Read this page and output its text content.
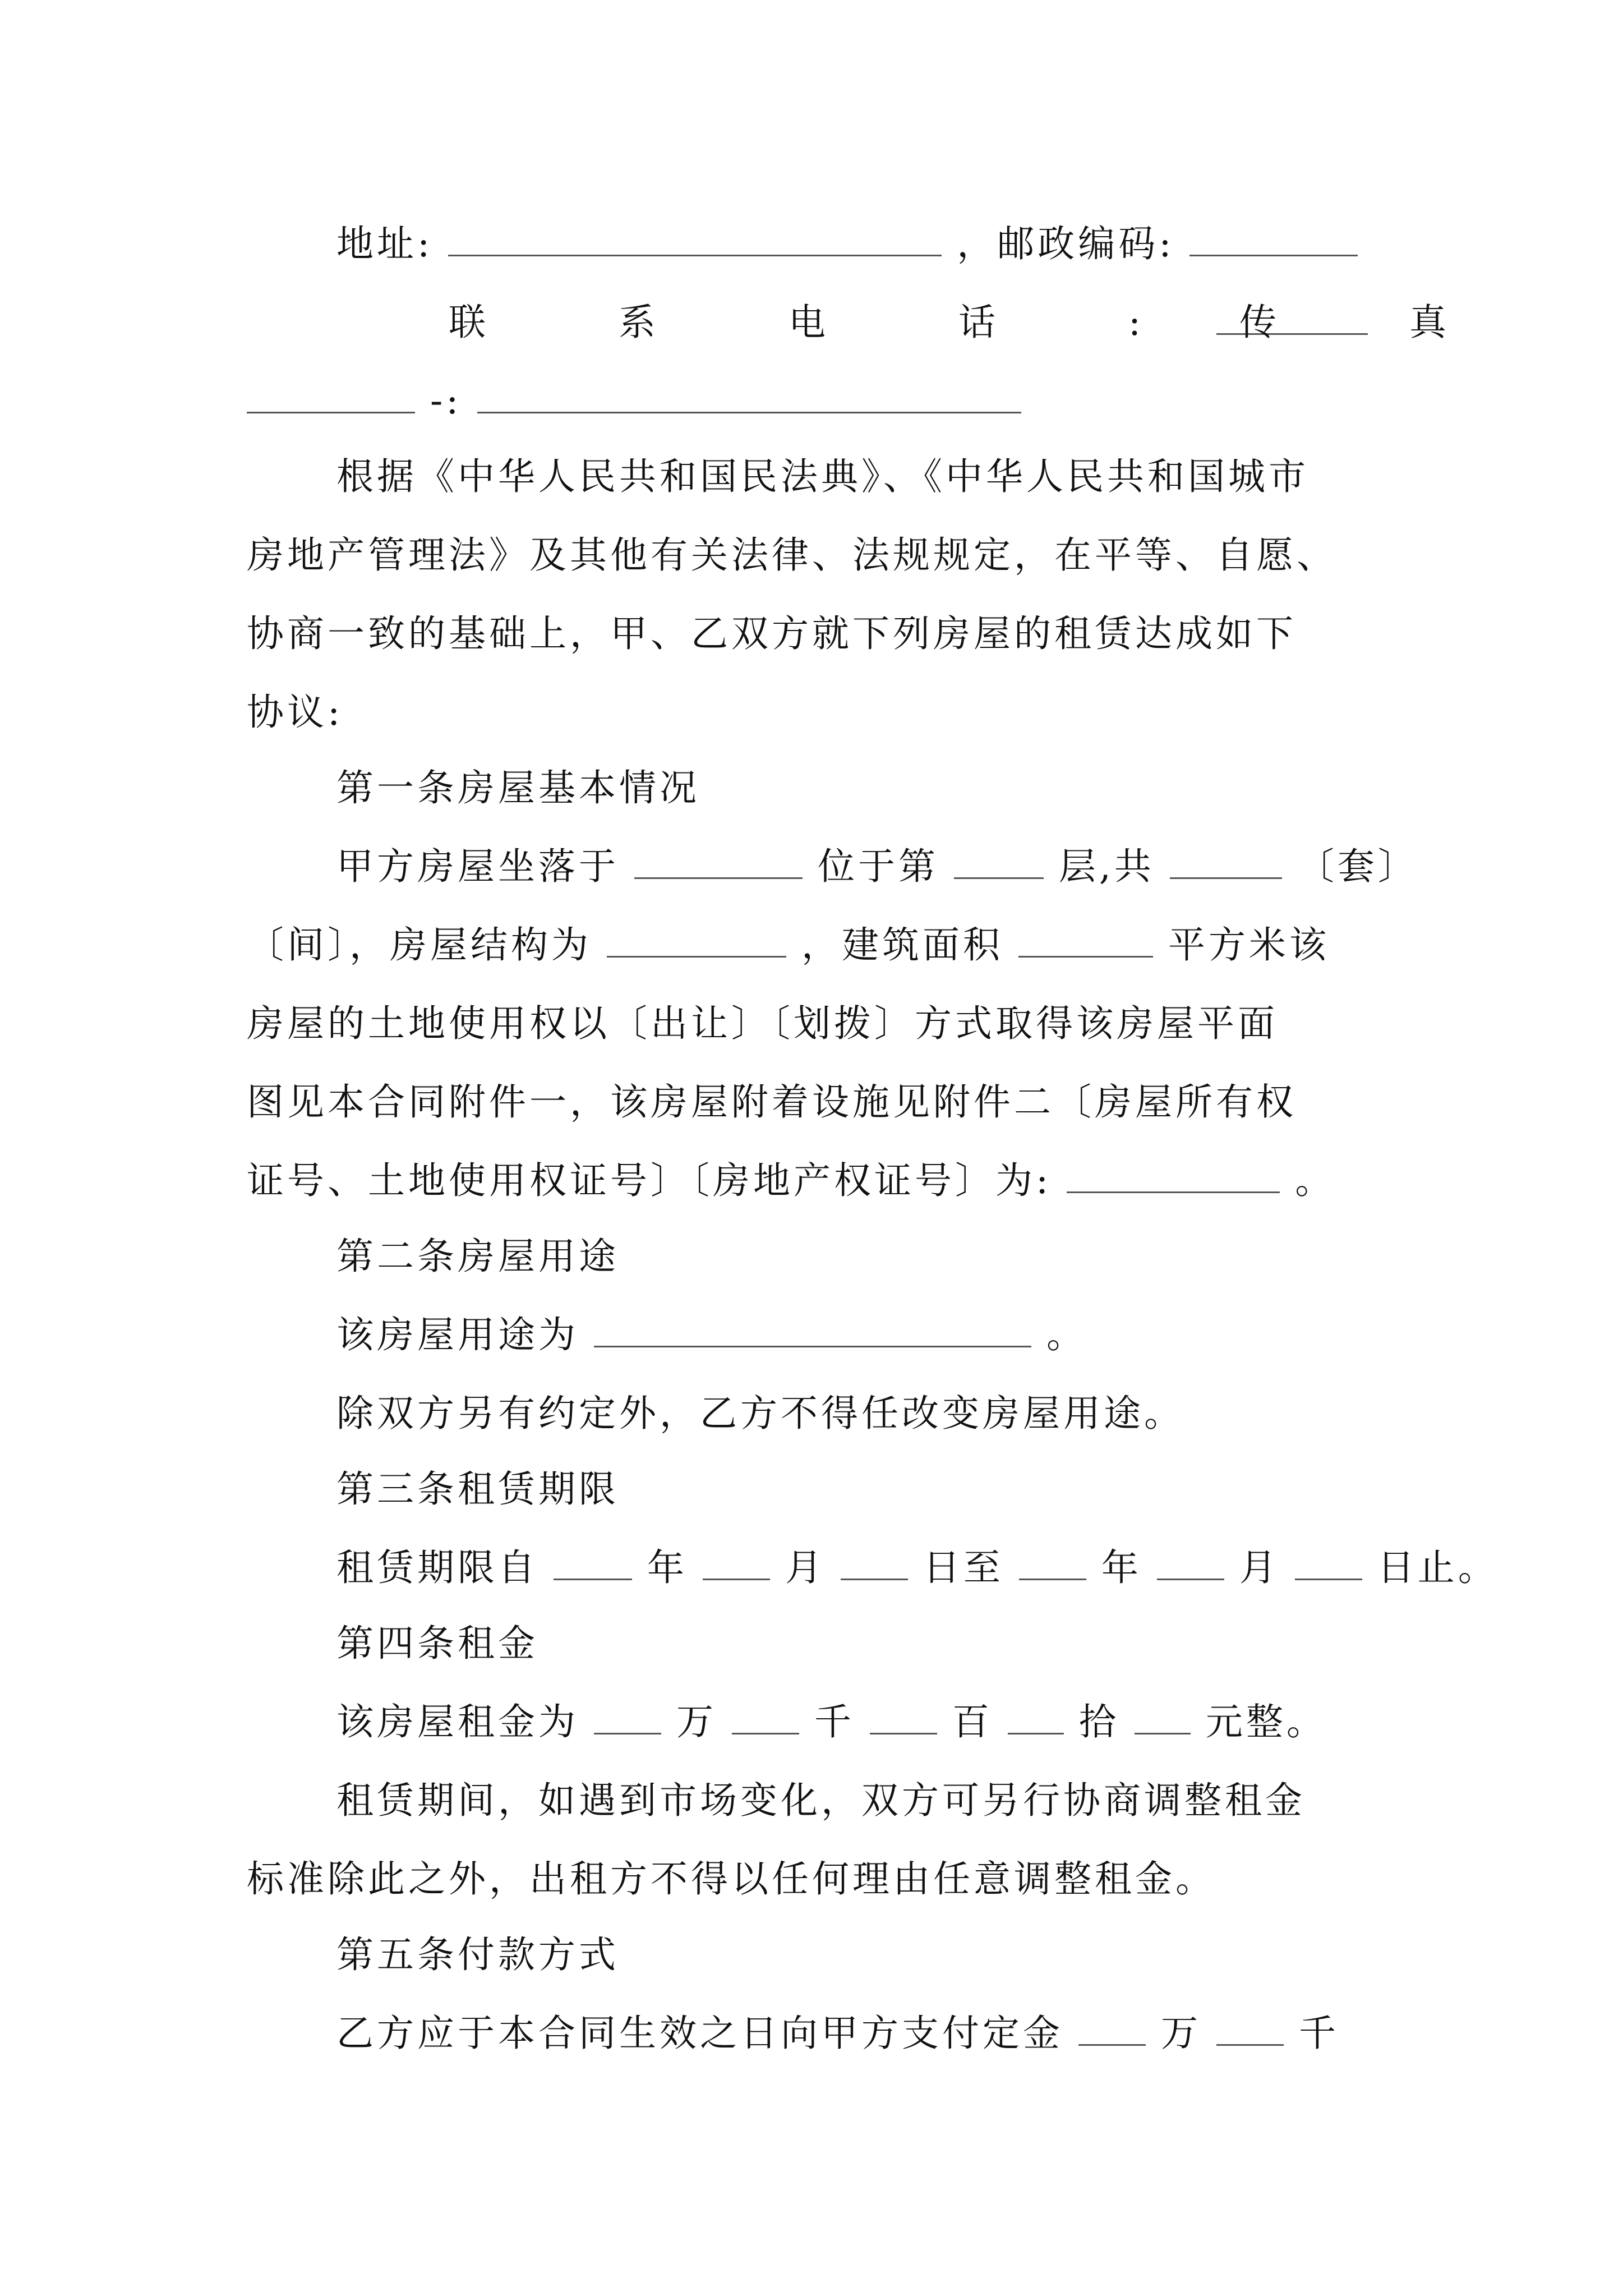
地址:	，邮政编码:
联 系 电 话 :	传 真
-:
根据《中华人民共和国民法典》、《中华人民共和国城市
房地产管理法》及其他有关法律、法规规定，在平等、自愿、
协商一致的基础上，甲、乙双方就下列房屋的租赁达成如下
协议:
第一条房屋基本情况
甲方房屋坐落于	位于第	层,共	〔套〕
〔间〕，房屋结构为	，建筑面积	平方米该
房屋的土地使用权以〔出让〕〔划拨〕方式取得该房屋平面
图见本合同附件一，该房屋附着设施见附件二〔房屋所有权
证号、土地使用权证号〕〔房地产权证号〕为:	。
第二条房屋用途
该房屋用途为	。
除双方另有约定外，乙方不得任改变房屋用途。
第三条租赁期限
租赁期限自	年	月	日至	年	月	日止。
第四条租金
该房屋租金为	万	千	百 拾 元整。
租赁期间，如遇到市场变化，双方可另行协商调整租金
标准除此之外，出租方不得以任何理由任意调整租金。
第五条付款方式
乙方应于本合同生效之日向甲方支付定金	万	千
